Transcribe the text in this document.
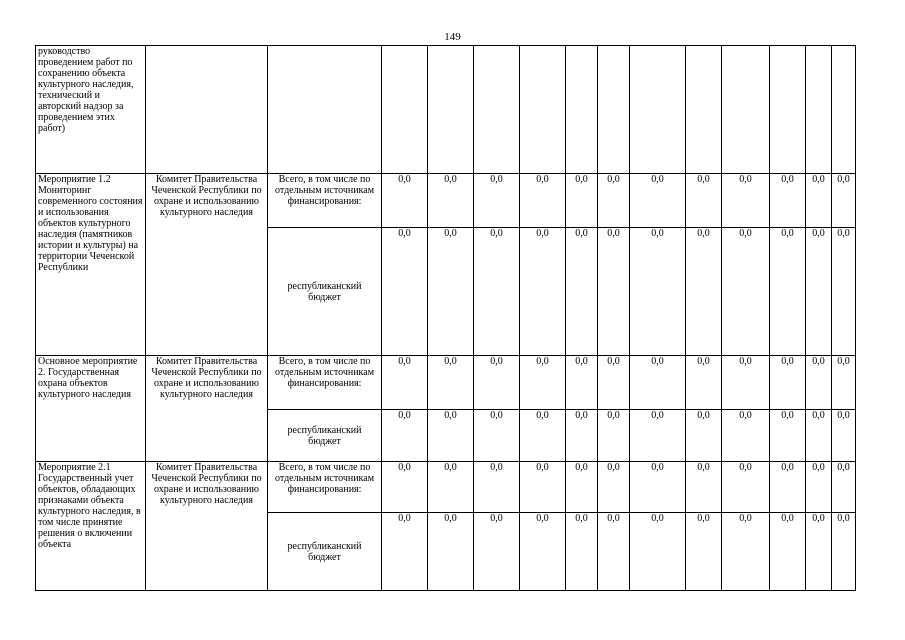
149
руководство проведением работ по сохранению объекта культурного наследия, технический и авторский надзор за проведением этих работ)														
Мероприятие 1.2 Мониторинг современного состояния и использования объектов культурного наследия (памятников истории и культуры) на территории Чеченской Республики	Комитет Правительства Чеченской Республики по охране и использованию культурного наследия	Всего, в том числе по отдельным источникам финансирования:	0,0	0,0	0,0	0,0	0,0	0,0	0,0	0,0	0,0	0,0	0,0	0,0
		республиканский бюджет	0,0	0,0	0,0	0,0	0,0	0,0	0,0	0,0	0,0	0,0	0,0	0,0
Основное мероприятие 2. Государственная охрана объектов культурного наследия	Комитет Правительства Чеченской Республики по охране и использованию культурного наследия	Всего, в том числе по отдельным источникам финансирования:	0,0	0,0	0,0	0,0	0,0	0,0	0,0	0,0	0,0	0,0	0,0	0,0
		республиканский бюджет	0,0	0,0	0,0	0,0	0,0	0,0	0,0	0,0	0,0	0,0	0,0	0,0
Мероприятие 2.1 Государственный учет объектов, обладающих признаками объекта культурного наследия, в том числе принятие решения о включении объекта	Комитет Правительства Чеченской Республики по охране и использованию культурного наследия	Всего, в том числе по отдельным источникам финансирования:	0,0	0,0	0,0	0,0	0,0	0,0	0,0	0,0	0,0	0,0	0,0	0,0
		республиканский бюджет	0,0	0,0	0,0	0,0	0,0	0,0	0,0	0,0	0,0	0,0	0,0	0,0
